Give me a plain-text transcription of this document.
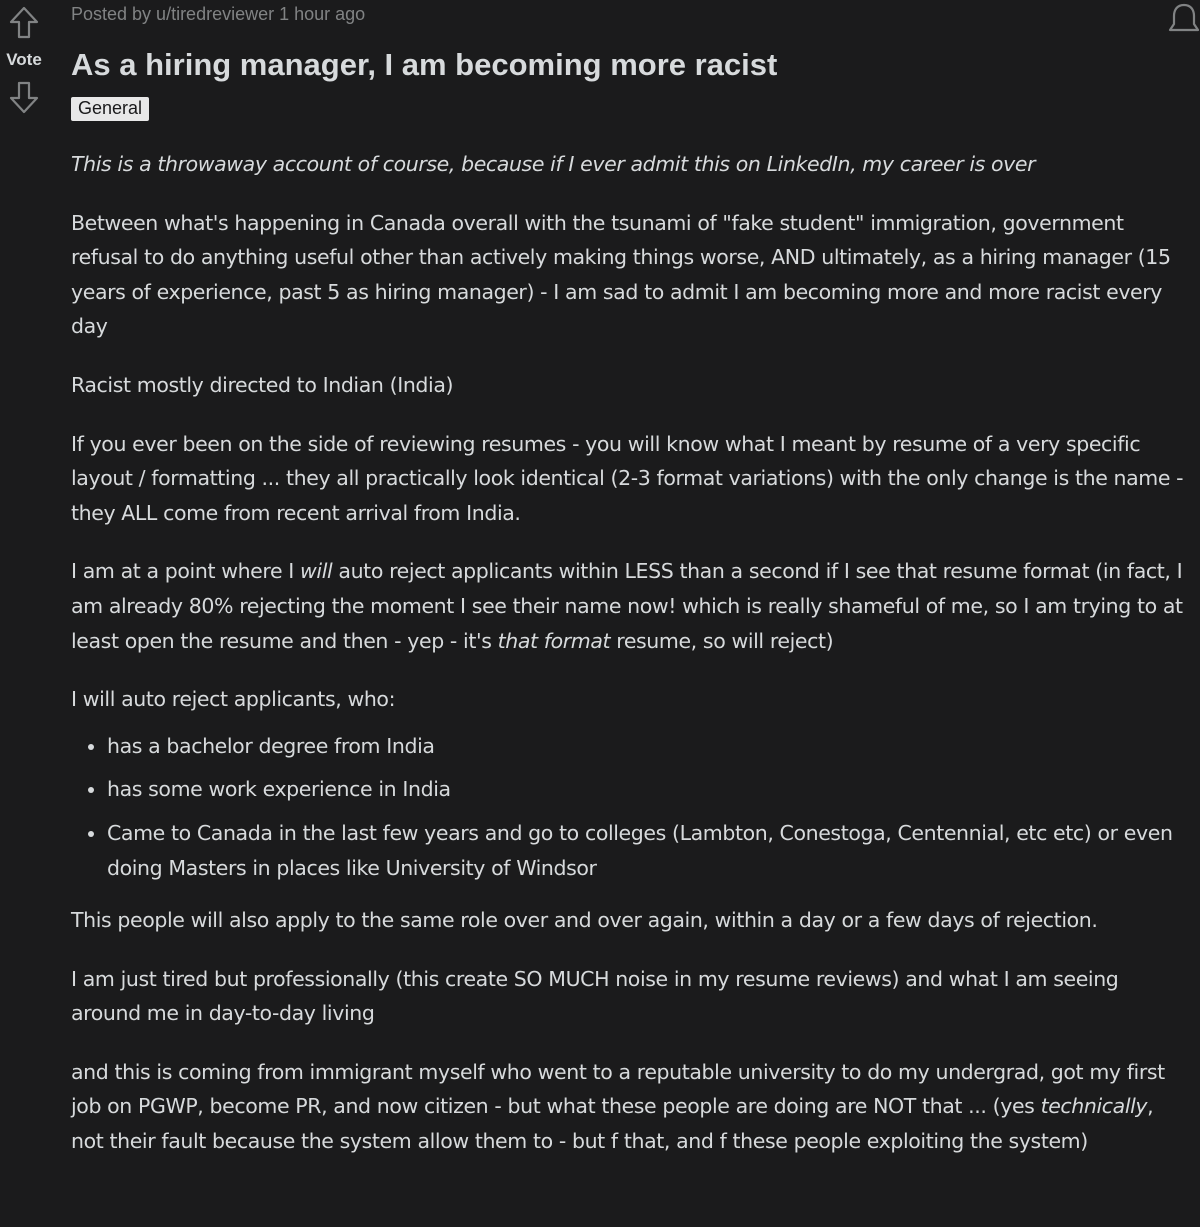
Vote
Posted by u/tiredreviewer 1 hour ago
As a hiring manager, I am becoming more racist
General

This is a throwaway account of course, because if I ever admit this on LinkedIn, my career is over

Between what's happening in Canada overall with the tsunami of "fake student" immigration, government refusal to do anything useful other than actively making things worse, AND ultimately, as a hiring manager (15 years of experience, past 5 as hiring manager) - I am sad to admit I am becoming more and more racist every day

Racist mostly directed to Indian (India)

If you ever been on the side of reviewing resumes - you will know what I meant by resume of a very specific layout / formatting ... they all practically look identical (2-3 format variations) with the only change is the name - they ALL come from recent arrival from India.

I am at a point where I will auto reject applicants within LESS than a second if I see that resume format (in fact, I am already 80% rejecting the moment I see their name now! which is really shameful of me, so I am trying to at least open the resume and then - yep - it's that format resume, so will reject)

I will auto reject applicants, who:

• has a bachelor degree from India
• has some work experience in India
• Came to Canada in the last few years and go to colleges (Lambton, Conestoga, Centennial, etc etc) or even doing Masters in places like University of Windsor

This people will also apply to the same role over and over again, within a day or a few days of rejection.

I am just tired but professionally (this create SO MUCH noise in my resume reviews) and what I am seeing around me in day-to-day living

and this is coming from immigrant myself who went to a reputable university to do my undergrad, got my first job on PGWP, become PR, and now citizen - but what these people are doing are NOT that ... (yes technically, not their fault because the system allow them to - but f that, and f these people exploiting the system)
